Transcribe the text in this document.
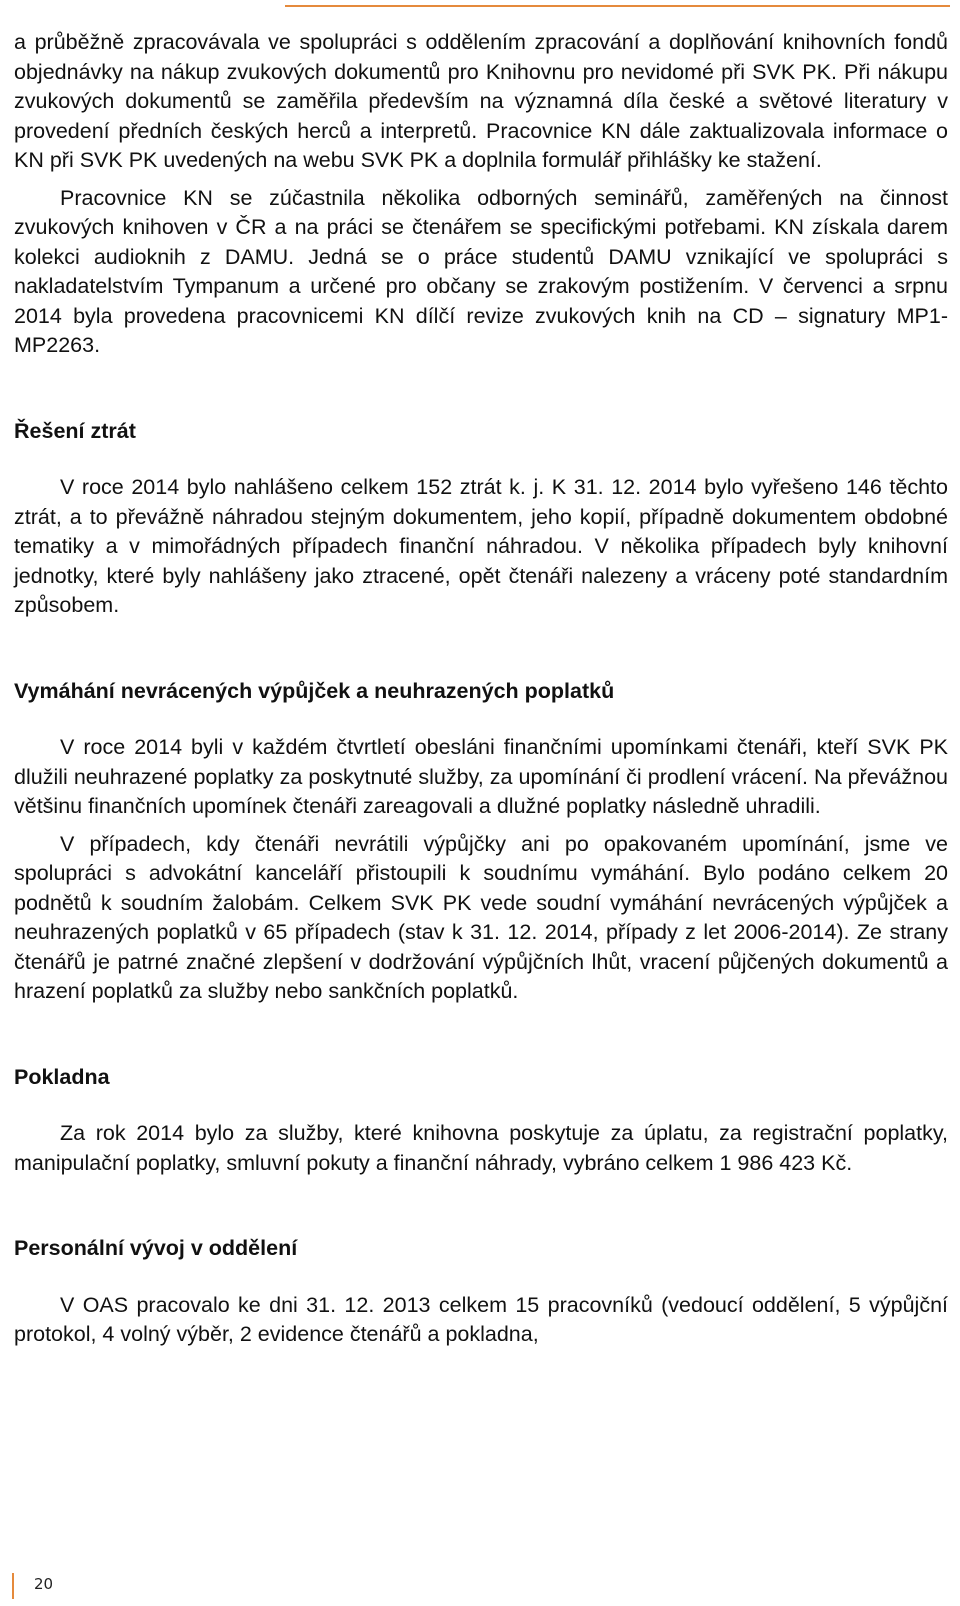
a průběžně zpracovávala ve spolupráci s oddělením zpracování a doplňování knihovních fondů objednávky na nákup zvukových dokumentů pro Knihovnu pro nevidomé při SVK PK. Při nákupu zvukových dokumentů se zaměřila především na významná díla české a světové literatury v provedení předních českých herců a interpretů. Pracovnice KN dále zaktualizovala informace o KN při SVK PK uvedených na webu SVK PK a doplnila formulář přihlášky ke stažení.

Pracovnice KN se zúčastnila několika odborných seminářů, zaměřených na činnost zvukových knihoven v ČR a na práci se čtenářem se specifickými potřebami. KN získala darem kolekci audioknih z DAMU. Jedná se o práce studentů DAMU vznikající ve spolupráci s nakladatelstvím Tympanum a určené pro občany se zrakovým postižením. V červenci a srpnu 2014 byla provedena pracovnicemi KN dílčí revize zvukových knih na CD – signatury MP1-MP2263.

Řešení ztrát

V roce 2014 bylo nahlášeno celkem 152 ztrát k. j. K 31. 12. 2014 bylo vyřešeno 146 těchto ztrát, a to převážně náhradou stejným dokumentem, jeho kopií, případně dokumentem obdobné tematiky a v mimořádných případech finanční náhradou. V několika případech byly knihovní jednotky, které byly nahlášeny jako ztracené, opět čtenáři nalezeny a vráceny poté standardním způsobem.

Vymáhání nevrácených výpůjček a neuhrazených poplatků

V roce 2014 byli v každém čtvrtletí obesláni finančními upomínkami čtenáři, kteří SVK PK dlužili neuhrazené poplatky za poskytnuté služby, za upomínání či prodlení vrácení. Na převážnou většinu finančních upomínek čtenáři zareagovali a dlužné poplatky následně uhradili.

V případech, kdy čtenáři nevrátili výpůjčky ani po opakovaném upomínání, jsme ve spolupráci s advokátní kanceláří přistoupili k soudnímu vymáhání. Bylo podáno celkem 20 podnětů k soudním žalobám. Celkem SVK PK vede soudní vymáhání nevrácených výpůjček a neuhrazených poplatků v 65 případech (stav k 31. 12. 2014, případy z let 2006-2014). Ze strany čtenářů je patrné značné zlepšení v dodržování výpůjčních lhůt, vracení půjčených dokumentů a hrazení poplatků za služby nebo sankčních poplatků.

Pokladna

Za rok 2014 bylo za služby, které knihovna poskytuje za úplatu, za registrační poplatky, manipulační poplatky, smluvní pokuty a finanční náhrady, vybráno celkem 1 986 423 Kč.

Personální vývoj v oddělení

V OAS pracovalo ke dni 31. 12. 2013 celkem 15 pracovníků (vedoucí oddělení, 5 výpůjční protokol, 4 volný výběr, 2 evidence čtenářů a pokladna,

20
